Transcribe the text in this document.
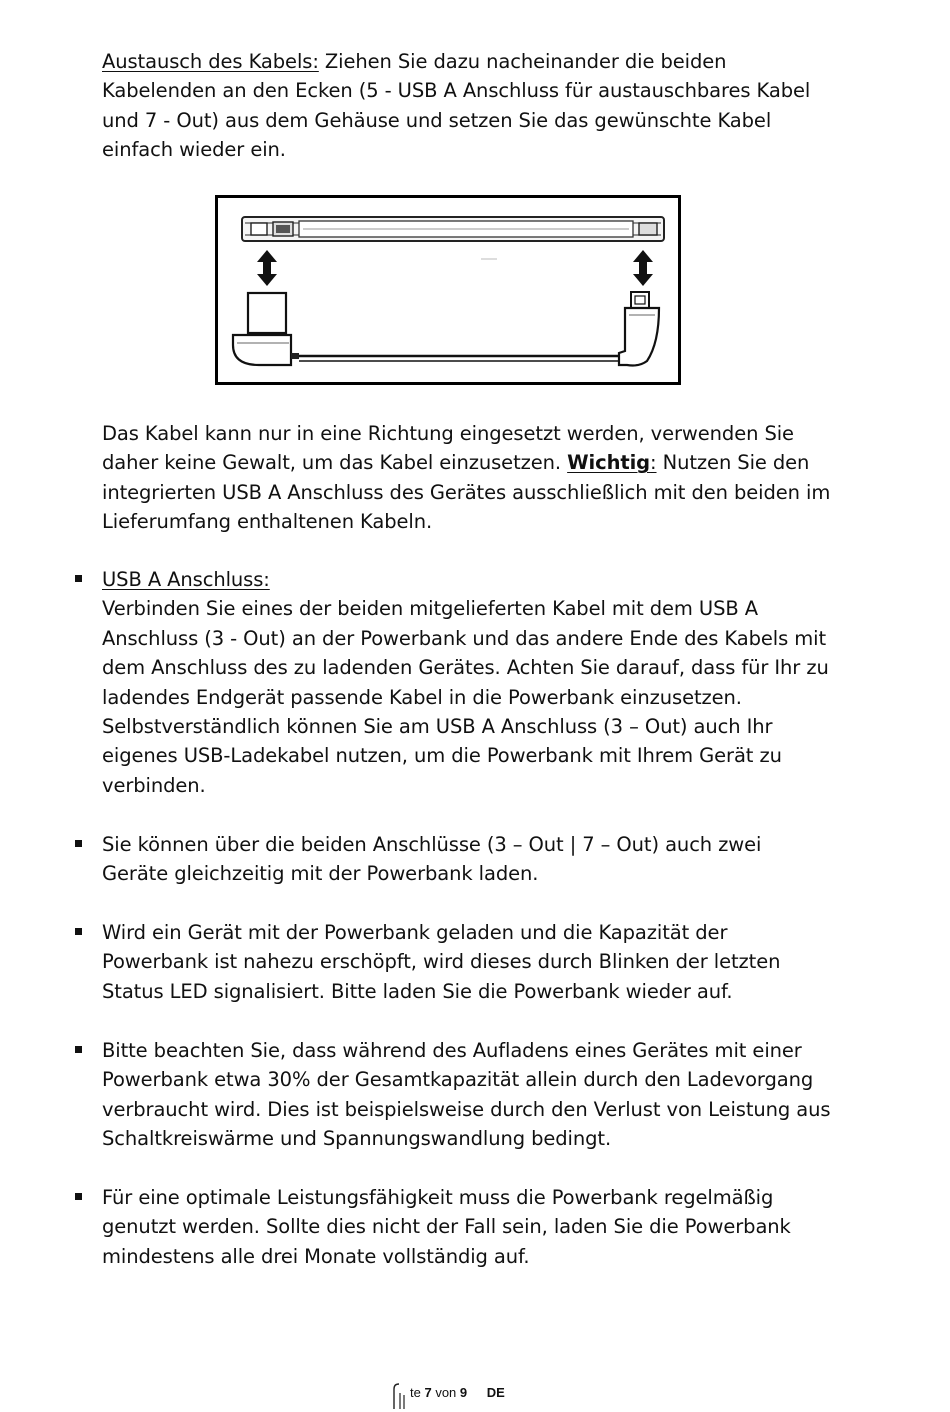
Austausch des Kabels: Ziehen Sie dazu nacheinander die beiden Kabelenden an den Ecken (5 - USB A Anschluss für austauschbares Kabel und 7 - Out) aus dem Gehäuse und setzen Sie das gewünschte Kabel einfach wieder ein.
Das Kabel kann nur in eine Richtung eingesetzt werden, verwenden Sie daher keine Gewalt, um das Kabel einzusetzen. Wichtig: Nutzen Sie den integrierten USB A Anschluss des Gerätes ausschließlich mit den beiden im Lieferumfang enthaltenen Kabeln.
USB A Anschluss:
Verbinden Sie eines der beiden mitgelieferten Kabel mit dem USB A Anschluss (3 - Out) an der Powerbank und das andere Ende des Kabels mit dem Anschluss des zu ladenden Gerätes. Achten Sie darauf, dass für Ihr zu ladendes Endgerät passende Kabel in die Powerbank einzusetzen. Selbstverständlich können Sie am USB A Anschluss (3 – Out) auch Ihr eigenes USB-Ladekabel nutzen, um die Powerbank mit Ihrem Gerät zu verbinden.
Sie können über die beiden Anschlüsse (3 – Out | 7 – Out) auch zwei Geräte gleichzeitig mit der Powerbank laden.
Wird ein Gerät mit der Powerbank geladen und die Kapazität der Powerbank ist nahezu erschöpft, wird dieses durch Blinken der letzten Status LED signalisiert. Bitte laden Sie die Powerbank wieder auf.
Bitte beachten Sie, dass während des Aufladens eines Gerätes mit einer Powerbank etwa 30% der Gesamtkapazität allein durch den Ladevorgang verbraucht wird. Dies ist beispielsweise durch den Verlust von Leistung aus Schaltkreiswärme und Spannungswandlung bedingt.
Für eine optimale Leistungsfähigkeit muss die Powerbank regelmäßig genutzt werden. Sollte dies nicht der Fall sein, laden Sie die Powerbank mindestens alle drei Monate vollständig auf.
te 7 von 9 DE
